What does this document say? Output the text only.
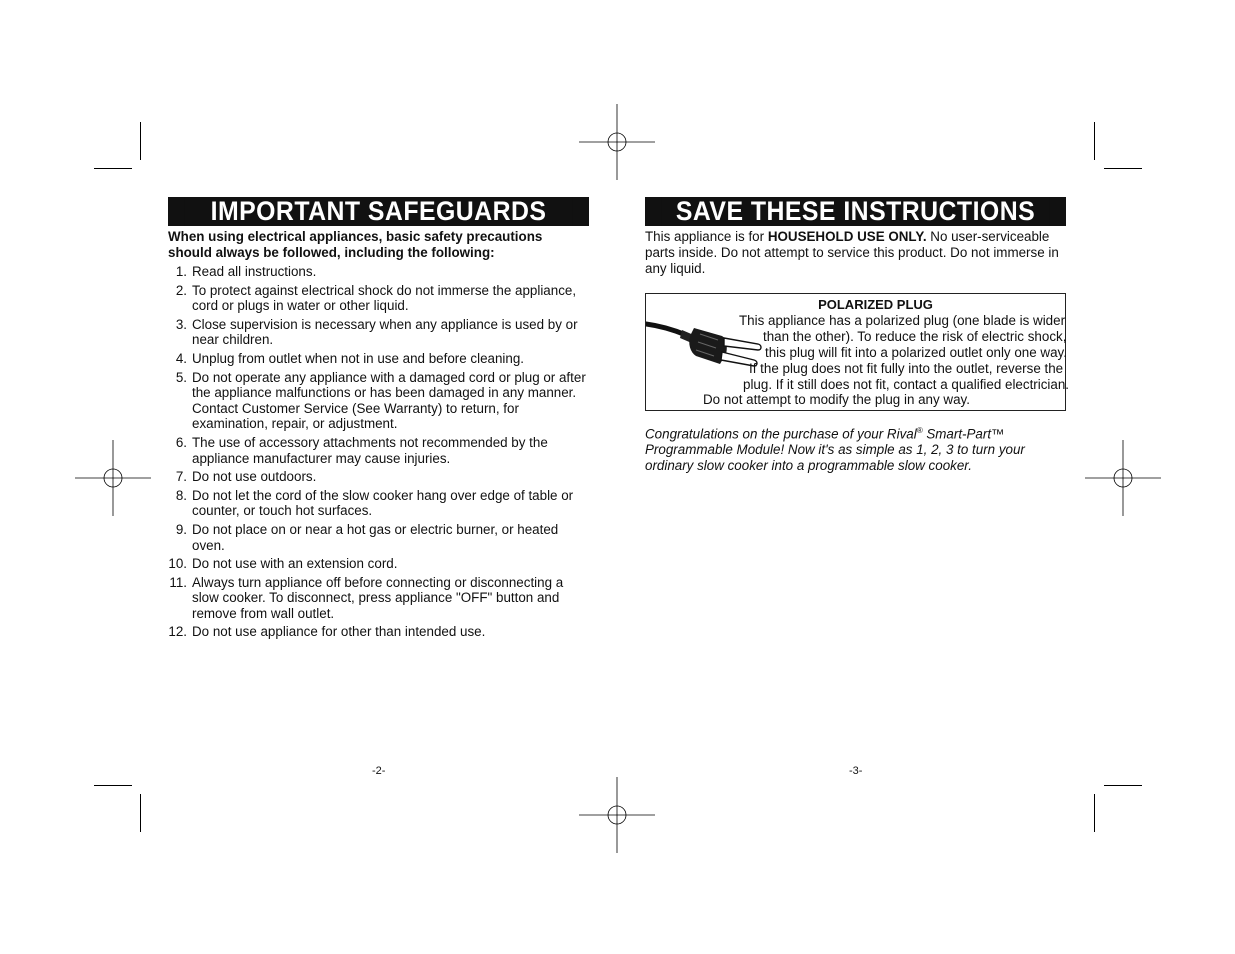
IMPORTANT SAFEGUARDS
When using electrical appliances, basic safety precautions should always be followed, including the following:
1. Read all instructions.
2. To protect against electrical shock do not immerse the appliance, cord or plugs in water or other liquid.
3. Close supervision is necessary when any appliance is used by or near children.
4. Unplug from outlet when not in use and before cleaning.
5. Do not operate any appliance with a damaged cord or plug or after the appliance malfunctions or has been damaged in any manner. Contact Customer Service (See Warranty) to return, for examination, repair, or adjustment.
6. The use of accessory attachments not recommended by the appliance manufacturer may cause injuries.
7. Do not use outdoors.
8. Do not let the cord of the slow cooker hang over edge of table or counter, or touch hot surfaces.
9. Do not place on or near a hot gas or electric burner, or heated oven.
10. Do not use with an extension cord.
11. Always turn appliance off before connecting or disconnecting a slow cooker. To disconnect, press appliance "OFF" button and remove from wall outlet.
12. Do not use appliance for other than intended use.
-2-
SAVE THESE INSTRUCTIONS
This appliance is for HOUSEHOLD USE ONLY. No user-serviceable parts inside. Do not attempt to service this product. Do not immerse in any liquid.
POLARIZED PLUG
This appliance has a polarized plug (one blade is wider
than the other). To reduce the risk of electric shock,
this plug will fit into a polarized outlet only one way.
If the plug does not fit fully into the outlet, reverse the
plug. If it still does not fit, contact a qualified electrician.
Do not attempt to modify the plug in any way.
Congratulations on the purchase of your Rival® Smart-Part™ Programmable Module! Now it's as simple as 1, 2, 3 to turn your ordinary slow cooker into a programmable slow cooker.
-3-
